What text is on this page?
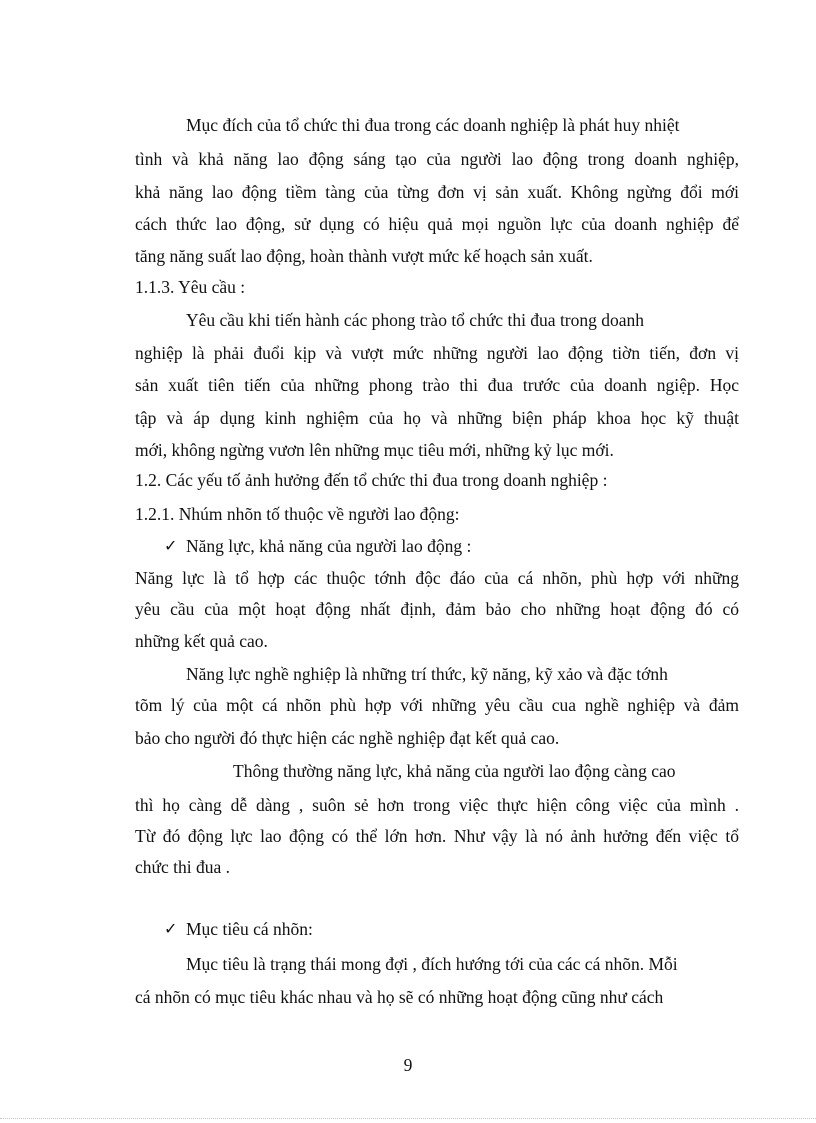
Mục đích của tổ chức thi đua trong các doanh nghiệp là phát huy nhiệt
tình và khả năng lao động sáng tạo của người lao động trong doanh nghiệp,
khả năng lao động tiềm tàng của từng đơn vị sản xuất. Không ngừng đổi mới
cách thức lao động, sử dụng có hiệu quả mọi nguồn lực của doanh nghiệp để
tăng năng suất lao động, hoàn thành vượt mức kế hoạch sản xuất.
1.1.3. Yêu cầu :
Yêu cầu khi tiến hành các phong trào tổ chức thi đua trong doanh
nghiệp là phải đuổi kịp và vượt mức những người lao động tiờn tiến, đơn vị
sản xuất tiên tiến của những phong trào thi đua trước của doanh ngiệp. Học
tập và áp dụng kinh nghiệm của họ và những biện pháp khoa học kỹ thuật
mới, không ngừng vươn lên những mục tiêu mới, những kỷ lục mới.
1.2. Các yếu tố ảnh hưởng đến tổ chức thi đua trong doanh nghiệp :
1.2.1. Nhúm nhõn tố thuộc về người lao động:
✓ Năng lực, khả năng của người lao động :
Năng lực là tổ hợp các thuộc tớnh độc đáo của cá nhõn, phù hợp với những
yêu cầu của một hoạt động nhất định, đảm bảo cho những hoạt động đó có
những kết quả cao.
Năng lực nghề nghiệp là những trí thức, kỹ năng, kỹ xảo và đặc tớnh
tõm lý của một cá nhõn phù hợp với những yêu cầu cua nghề nghiệp và đảm
bảo cho người đó thực hiện các nghề nghiệp đạt kết quả cao.
Thông thường năng lực, khả năng của người lao động càng cao
thì họ càng dễ dàng , suôn sẻ hơn trong việc thực hiện công việc của mình .
Từ đó động lực lao động có thể lớn hơn. Như vậy là nó ảnh hưởng đến việc tổ
chức thi đua .
✓ Mục tiêu cá nhõn:
Mục tiêu là trạng thái mong đợi , đích hướng tới của các cá nhõn. Mỗi
cá nhõn có mục tiêu khác nhau và họ sẽ có những hoạt động cũng như cách
9
